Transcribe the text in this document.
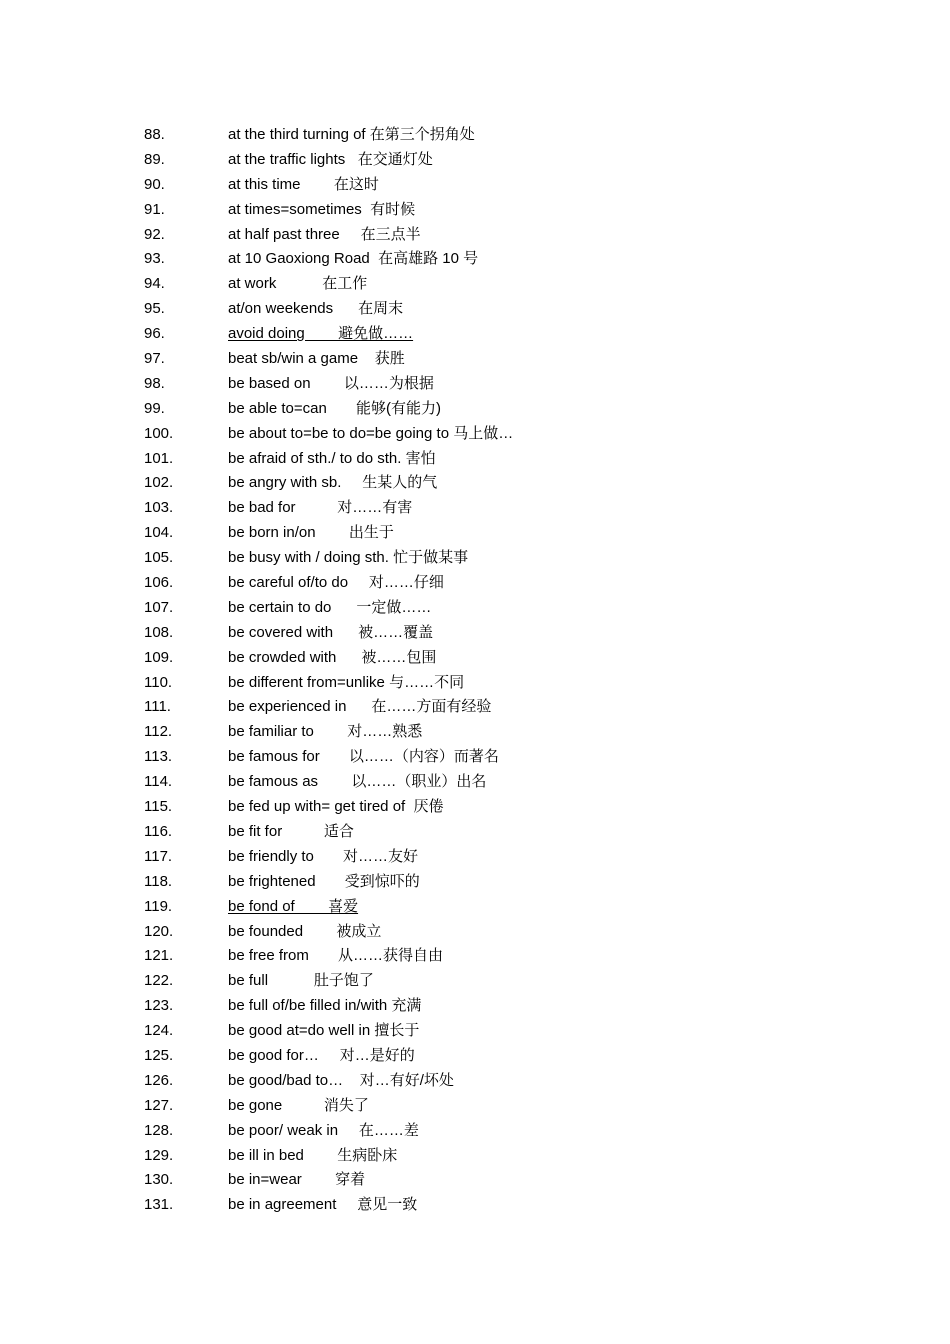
88.	at the third turning of 在第三个拐角处
89.	at the traffic lights   在交通灯处
90.	at this time        在这时
91.	at times=sometimes  有时候
92.	at half past three     在三点半
93.	at 10 Gaoxiong Road  在高雄路 10 号
94.	at work           在工作
95.	at/on weekends      在周末
96.	avoid doing        避免做……
97.	beat sb/win a game    获胜
98.	be based on        以……为根据
99.	be able to=can       能够(有能力)
100.	be about to=be to do=be going to 马上做…
101.	be afraid of sth./ to do sth. 害怕
102.	be angry with sb.     生某人的气
103.	be bad for          对……有害
104.	be born in/on        出生于
105.	be busy with / doing sth. 忙于做某事
106.	be careful of/to do     对……仔细
107.	be certain to do      一定做……
108.	be covered with      被……覆盖
109.	be crowded with      被……包围
110.	be different from=unlike 与……不同
111.	be experienced in      在……方面有经验
112.	be familiar to        对……熟悉
113.	be famous for       以……（内容）而著名
114.	be famous as        以……（职业）出名
115.	be fed up with= get tired of  厌倦
116.	be fit for          适合
117.	be friendly to       对……友好
118.	be frightened       受到惊吓的
119.	be fond of        喜爱
120.	be founded        被成立
121.	be free from       从……获得自由
122.	be full           肚子饱了
123.	be full of/be filled in/with 充满
124.	be good at=do well in 擅长于
125.	be good for…     对…是好的
126.	be good/bad to…    对…有好/坏处
127.	be gone          消失了
128.	be poor/ weak in     在……差
129.	be ill in bed        生病卧床
130.	be in=wear        穿着
131.	be in agreement     意见一致
